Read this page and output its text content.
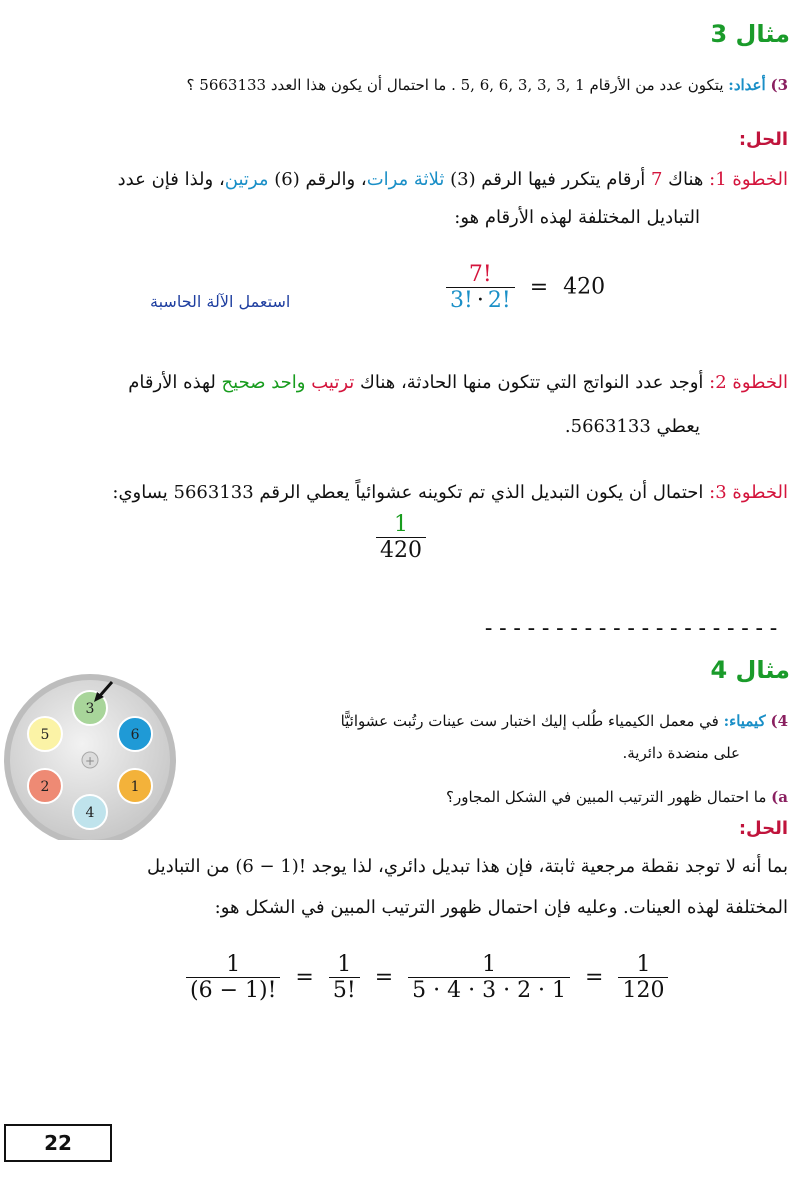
مثال 3
3) أعداد: يتكون عدد من الأرقام 1 ,3 ,3 ,3 ,6 ,6 ,5 . ما احتمال أن يكون هذا العدد 5663133 ؟
الحل:
الخطوة 1: هناك 7 أرقام يتكرر فيها الرقم (3) ثلاثة مرات، والرقم (6) مرتين، ولذا فإن عدد
التباديل المختلفة لهذه الأرقام هو:
$\frac{7!}{3! \cdot 2!} = 420$
استعمل الآلة الحاسبة
الخطوة 2: أوجد عدد النواتج التي تتكون منها الحادثة، هناك ترتيب واحد صحيح لهذه الأرقام
يعطي 5663133.
الخطوة 3: احتمال أن يكون التبديل الذي تم تكوينه عشوائياً يعطي الرقم 5663133 يساوي:
$\frac{1}{420}$
---------------------
مثال 4
4) كيمياء: في معمل الكيمياء طُلب إليك اختبار ست عينات رتُبت عشوائيًّا
على منضدة دائرية.
a) ما احتمال ظهور الترتيب المبين في الشكل المجاور؟
الحل:
+
3
6
1
4
2
5
بما أنه لا توجد نقطة مرجعية ثابتة، فإن هذا تبديل دائري، لذا يوجد !(1 − 6) من التباديل
المختلفة لهذه العينات. وعليه فإن احتمال ظهور الترتيب المبين في الشكل هو:
$\frac{1}{(6 - 1)!} = \frac{1}{5!} = \frac{1}{5 \cdot 4 \cdot 3 \cdot 2 \cdot 1} = \frac{1}{120}$
22
